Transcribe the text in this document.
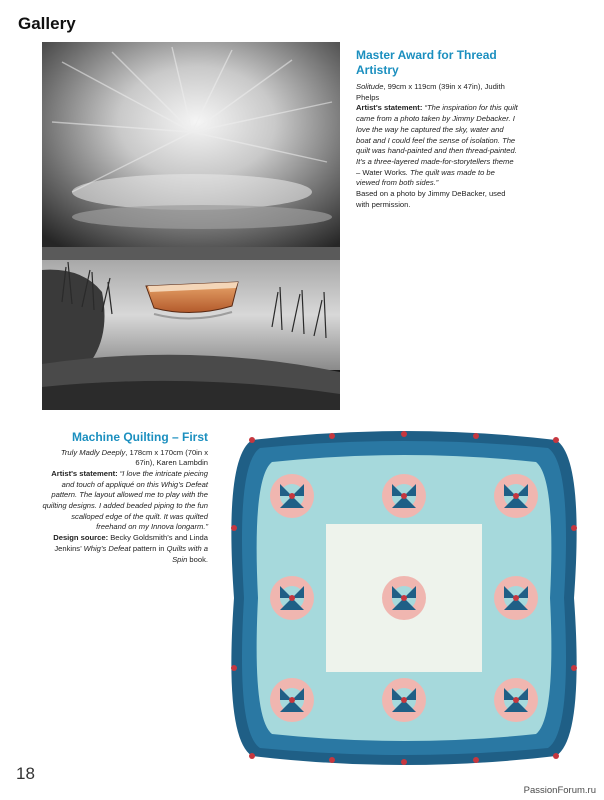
Gallery
Master Award for Thread Artistry

Solitude, 99cm x 119cm (39in x 47in), Judith Phelps
Artist's statement: “The inspiration for this quilt came from a photo taken by Jimmy Debacker. I love the way he captured the sky, water and boat and I could feel the sense of isolation. The quilt was hand-painted and then thread-painted. It’s a three-layered made-for-storytellers theme – Water Works. The quilt was made to be viewed from both sides.”
Based on a photo by Jimmy DeBacker, used with permission.

Machine Quilting – First

Truly Madly Deeply, 178cm x 170cm (70in x 67in), Karen Lambdin
Artist's statement: “I love the intricate piecing and touch of appliqué on this Whig’s Defeat pattern. The layout allowed me to play with the quilting designs. I added beaded piping to the fun scalloped edge of the quilt. It was quilted freehand on my Innova longarm.”
Design source: Becky Goldsmith’s and Linda Jenkins’ Whig’s Defeat pattern in Quilts with a Spin book.

18
PassionForum.ru
